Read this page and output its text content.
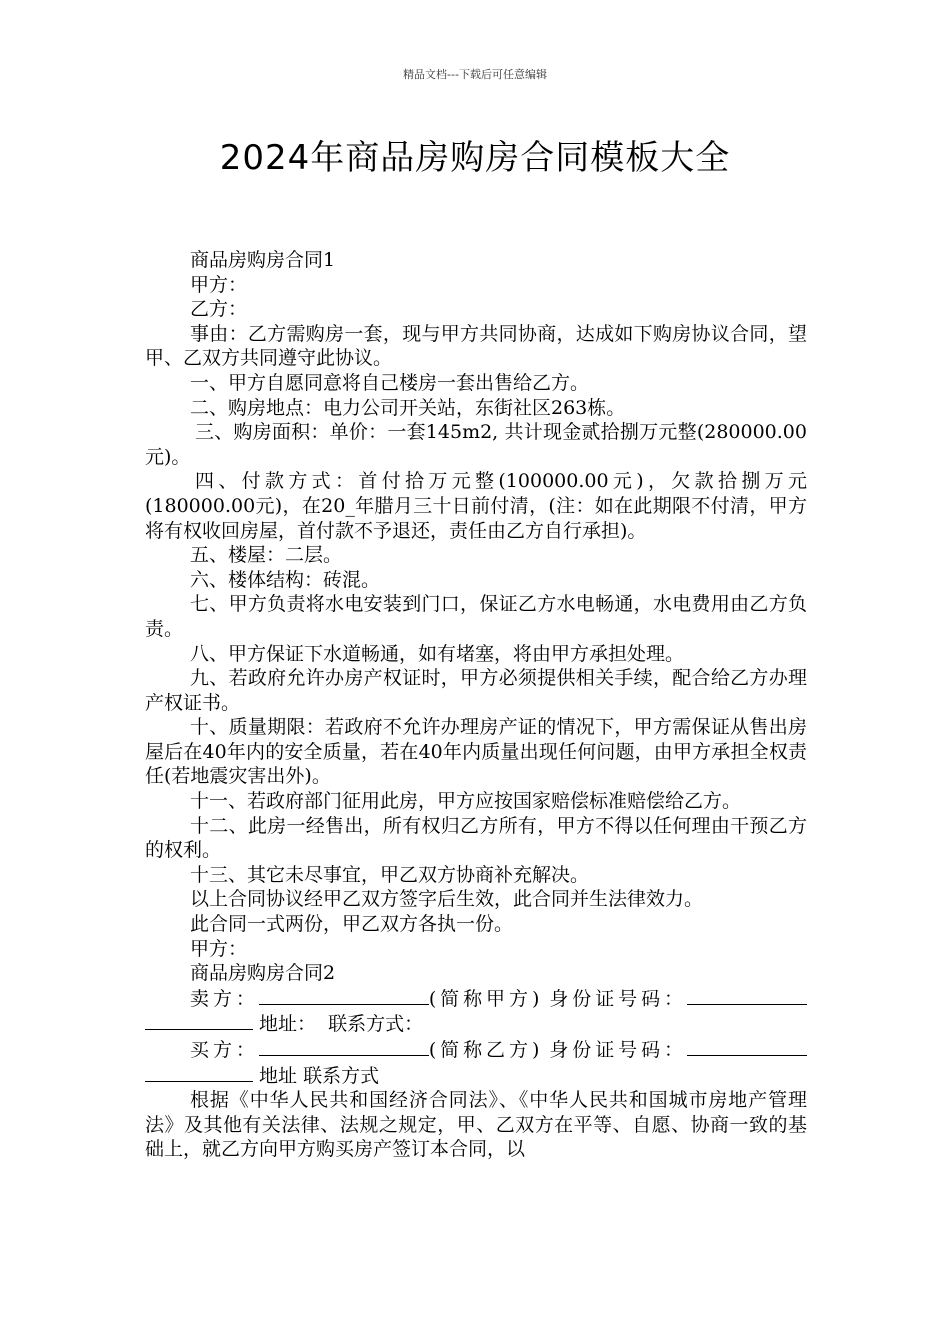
精品文档---下载后可任意编辑
2024年商品房购房合同模板大全

商品房购房合同1

甲方：

乙方：

事由：乙方需购房一套，现与甲方共同协商，达成如下购房协议合同，望甲、乙双方共同遵守此协议。

一、甲方自愿同意将自己楼房一套出售给乙方。

二、购房地点：电力公司开关站，东街社区263栋。

三、购房面积：单价：一套145m2, 共计现金贰拾捌万元整(280000.00元)。

四、付款方式：首付拾万元整(100000.00元)，欠款拾捌万元(180000.00元)，在20_年腊月三十日前付清，(注：如在此期限不付清，甲方将有权收回房屋，首付款不予退还，责任由乙方自行承担)。

五、楼屋：二层。

六、楼体结构：砖混。

七、甲方负责将水电安装到门口，保证乙方水电畅通，水电费用由乙方负责。

八、甲方保证下水道畅通，如有堵塞，将由甲方承担处理。

九、若政府允许办房产权证时，甲方必须提供相关手续，配合给乙方办理产权证书。

十、质量期限：若政府不允许办理房产证的情况下，甲方需保证从售出房屋后在40年内的安全质量，若在40年内质量出现任何问题，由甲方承担全权责任(若地震灾害出外)。

十一、若政府部门征用此房，甲方应按国家赔偿标准赔偿给乙方。

十二、此房一经售出，所有权归乙方所有，甲方不得以任何理由干预乙方的权利。

十三、其它未尽事宜，甲乙双方协商补充解决。

以上合同协议经甲乙双方签字后生效，此合同并生法律效力。

此合同一式两份，甲乙双方各执一份。

甲方：

商品房购房合同2

卖方：	(简称甲方) 身份证号码： 地址： 联系方式：

买方：	(简称乙方) 身份证号码： 地址 联系方式

根据《中华人民共和国经济合同法》、《中华人民共和国城市房地产管理法》及其他有关法律、法规之规定，甲、乙双方在平等、自愿、协商一致的基础上，就乙方向甲方购买房产签订本合同，以
